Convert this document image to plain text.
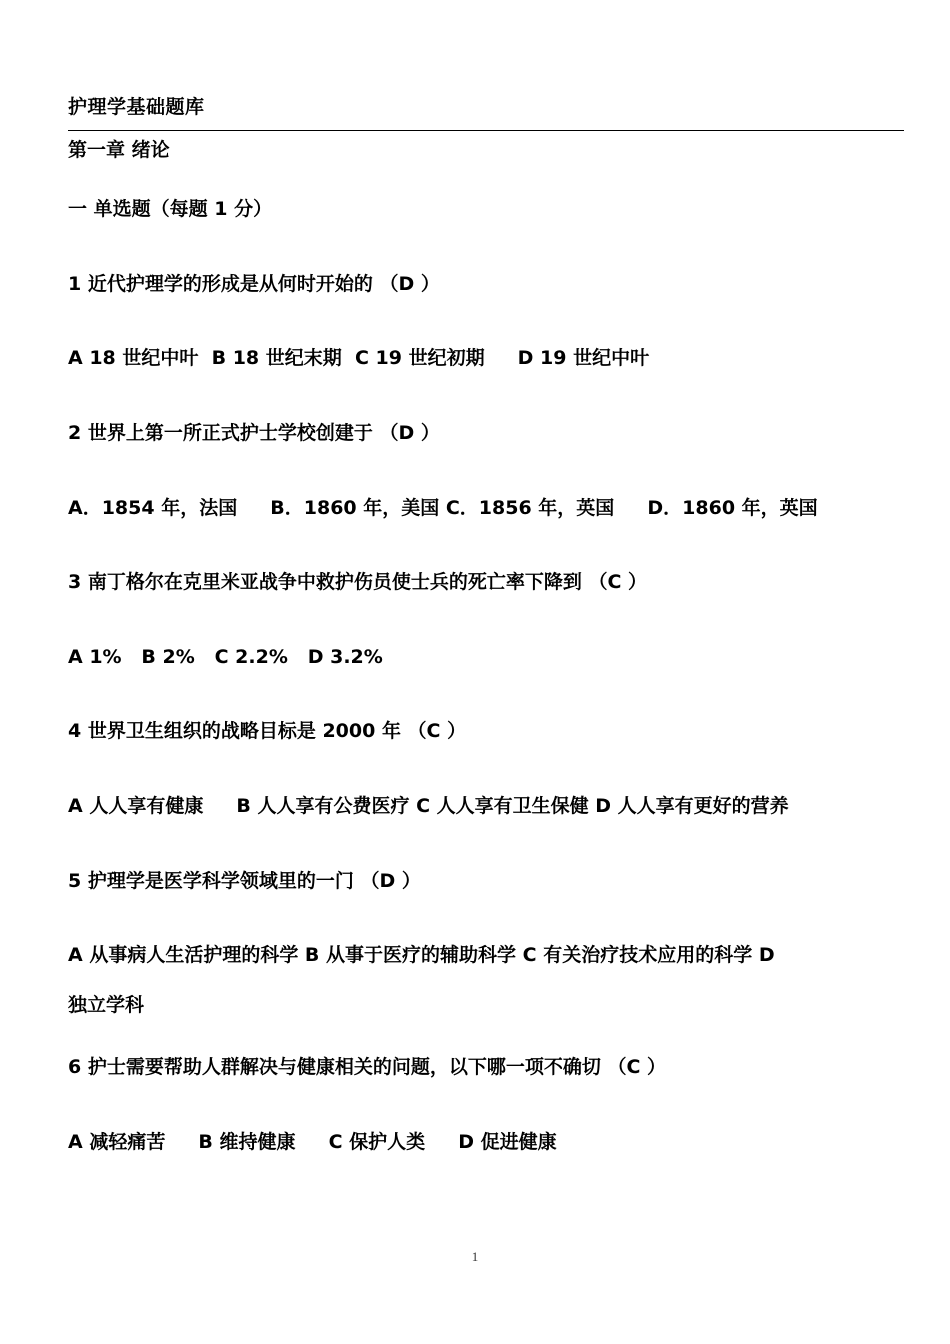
护理学基础题库
第一章 绪论
一 单选题（每题 1 分）
1 近代护理学的形成是从何时开始的 （D ）
A 18 世纪中叶  B 18 世纪末期  C 19 世纪初期     D 19 世纪中叶
2 世界上第一所正式护士学校创建于 （D ）
A．1854 年，法国     B．1860 年，美国 C．1856 年，英国     D．1860 年，英国
3 南丁格尔在克里米亚战争中救护伤员使士兵的死亡率下降到 （C ）
A 1%   B 2%   C 2.2%   D 3.2%
4 世界卫生组织的战略目标是 2000 年 （C ）
A 人人享有健康     B 人人享有公费医疗 C 人人享有卫生保健 D 人人享有更好的营养
5 护理学是医学科学领域里的一门 （D ）
A 从事病人生活护理的科学 B 从事于医疗的辅助科学 C 有关治疗技术应用的科学 D
独立学科
6 护士需要帮助人群解决与健康相关的问题，以下哪一项不确切 （C ）
A 减轻痛苦     B 维持健康     C 保护人类     D 促进健康
1
